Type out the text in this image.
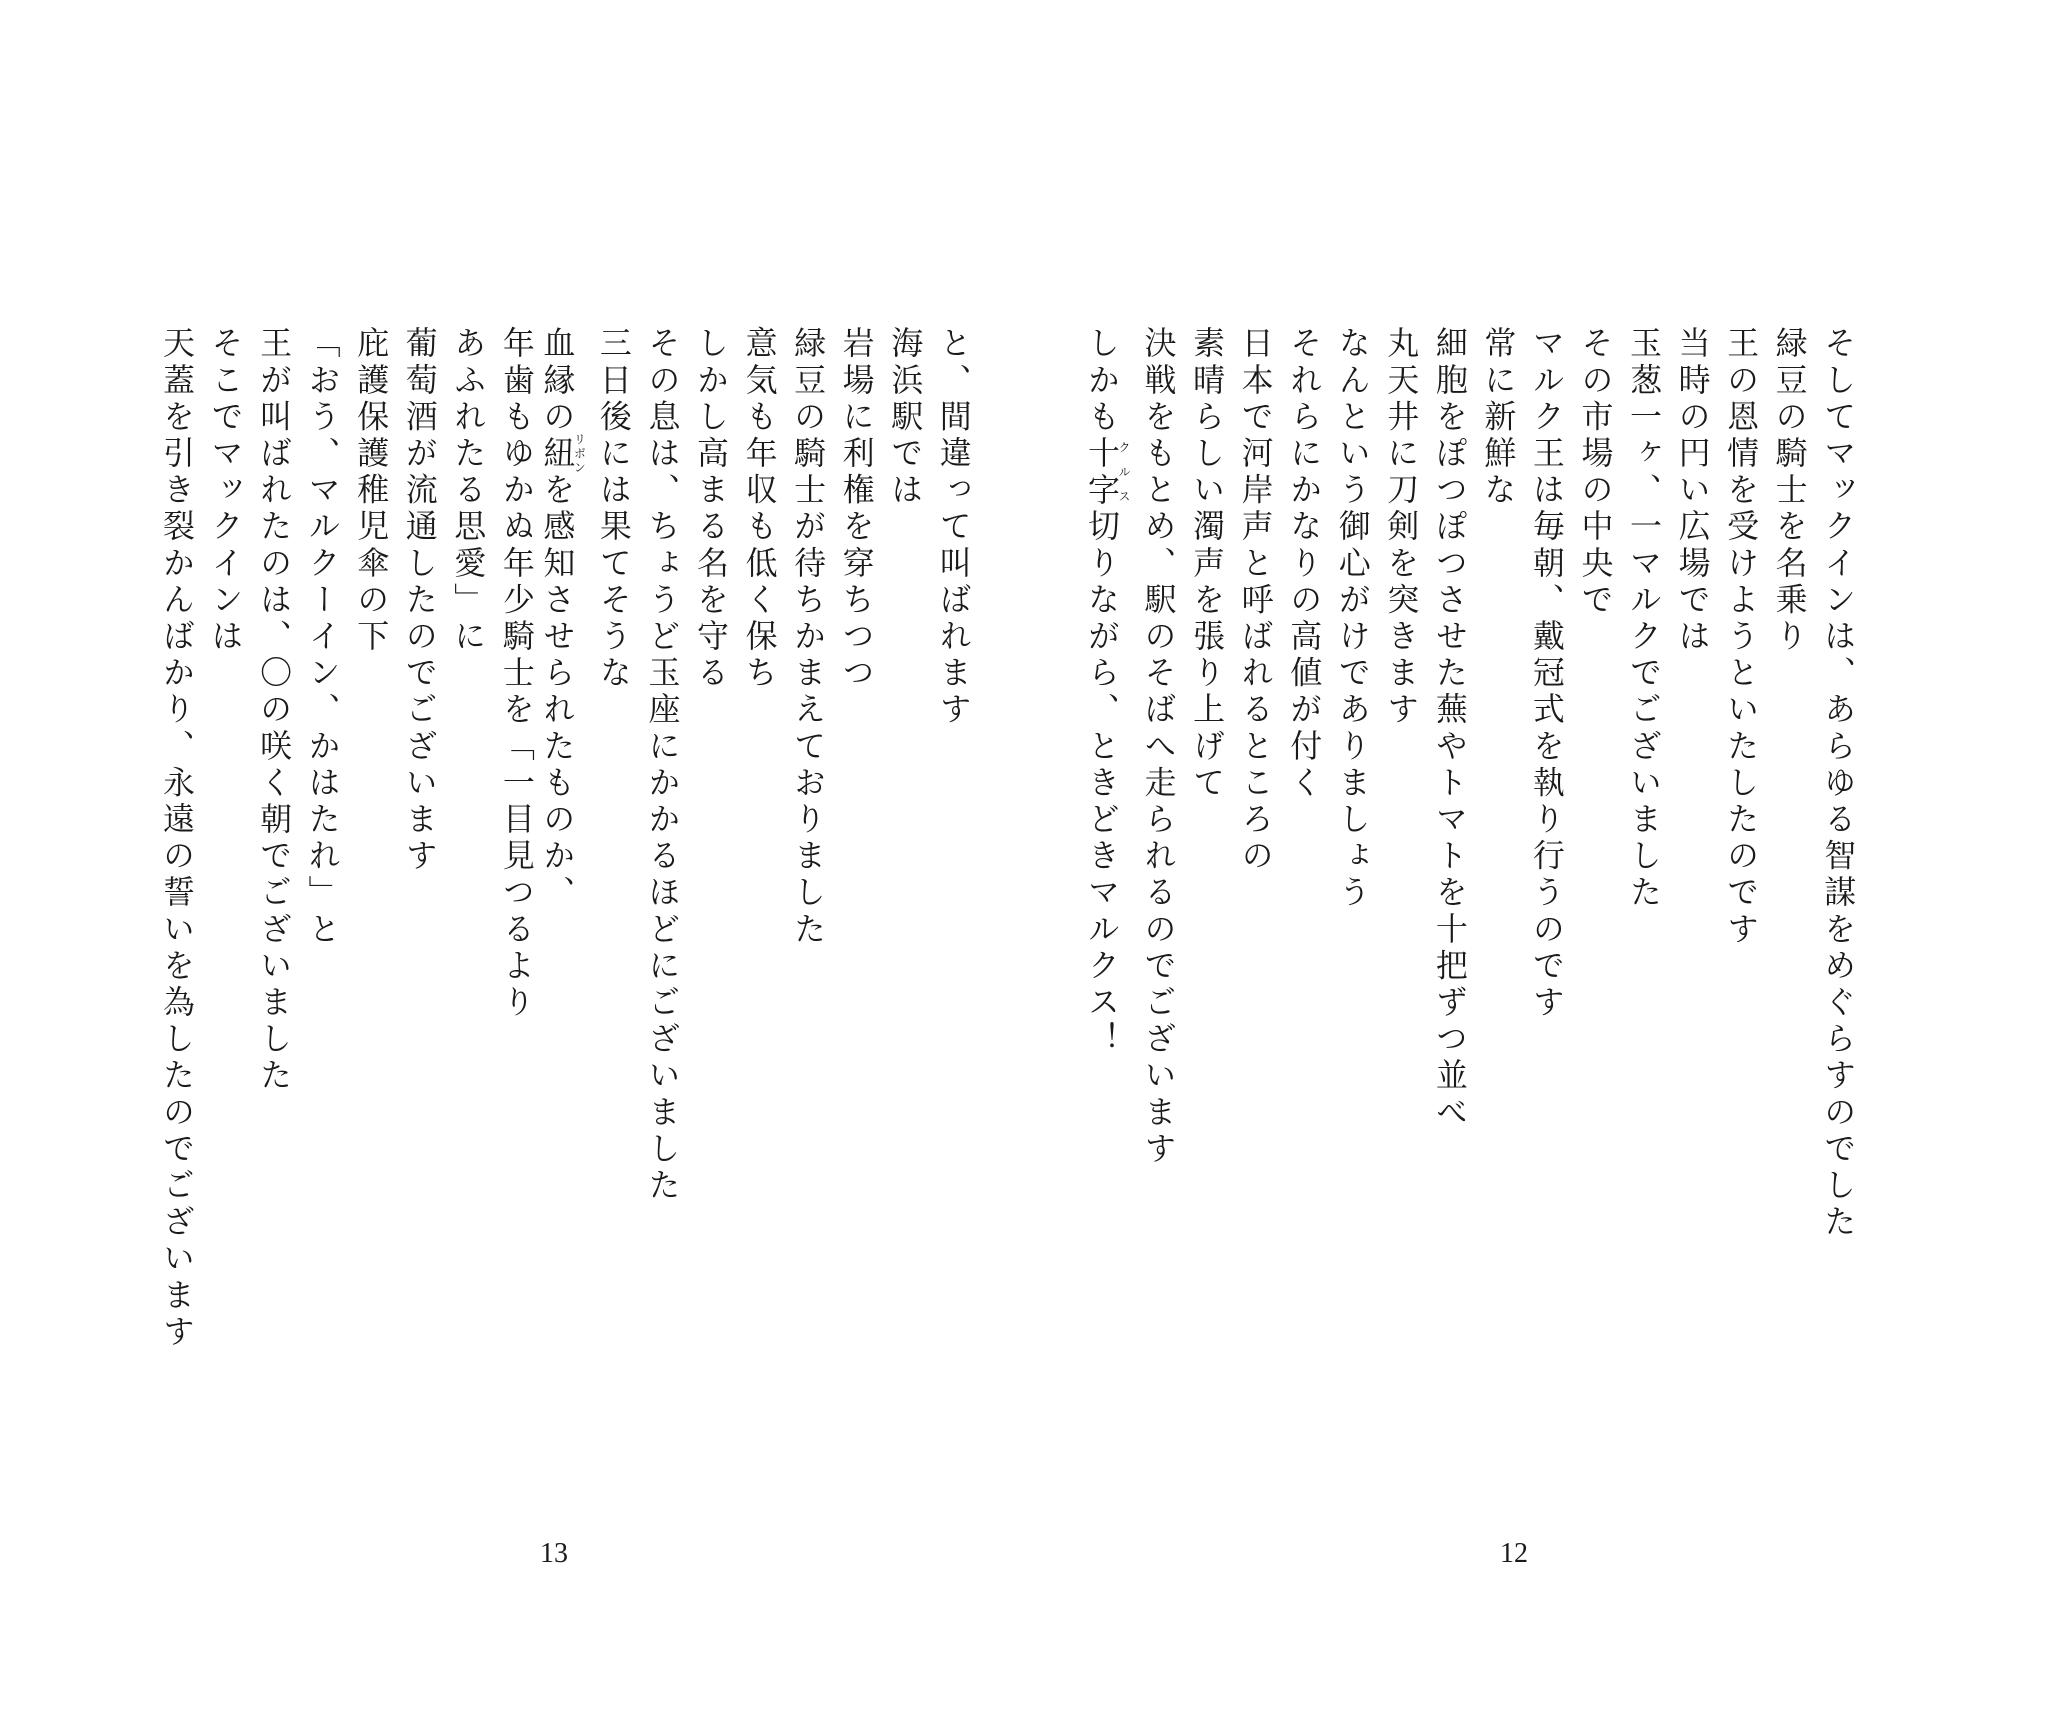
と、間違って叫ばれます

海浜駅では

岩場に利権を穿ちつつ

緑豆の騎士が待ちかまえておりました

意気も年収も低く保ち

しかし高まる名を守る

その息は、ちょうど玉座にかかるほどにございました

三日後には果てそうな

血縁の紐リボンを感知させられたものか、

年歯もゆかぬ年少騎士を「一目見つるより

あふれたる思愛」に

葡萄酒が流通したのでございます

庇護保護稚児傘の下

「おう、マルクーイン、かはたれ」と

王が叫ばれたのは、〇の咲く朝でございました

そこでマックインは

天蓋を引き裂かんばかり、永遠の誓いを為したのでございます

13

そしてマックインは、あらゆる智謀をめぐらすのでした

緑豆の騎士を名乗り

王の恩情を受けようといたしたのです

当時の円い広場では

玉葱一ヶ、一マルクでございました

その市場の中央で

マルク王は毎朝、戴冠式を執り行うのです

常に新鮮な

細胞をぽつぽつさせた蕪やトマトを十把ずつ並べ

丸天井に刀剣を突きます

なんという御心がけでありましょう

それらにかなりの高値が付く

日本で河岸声と呼ばれるところの

素晴らしい濁声を張り上げて

決戦をもとめ、駅のそばへ走られるのでございます

しかも十字クルス切りながら、ときどきマルクス！

12
